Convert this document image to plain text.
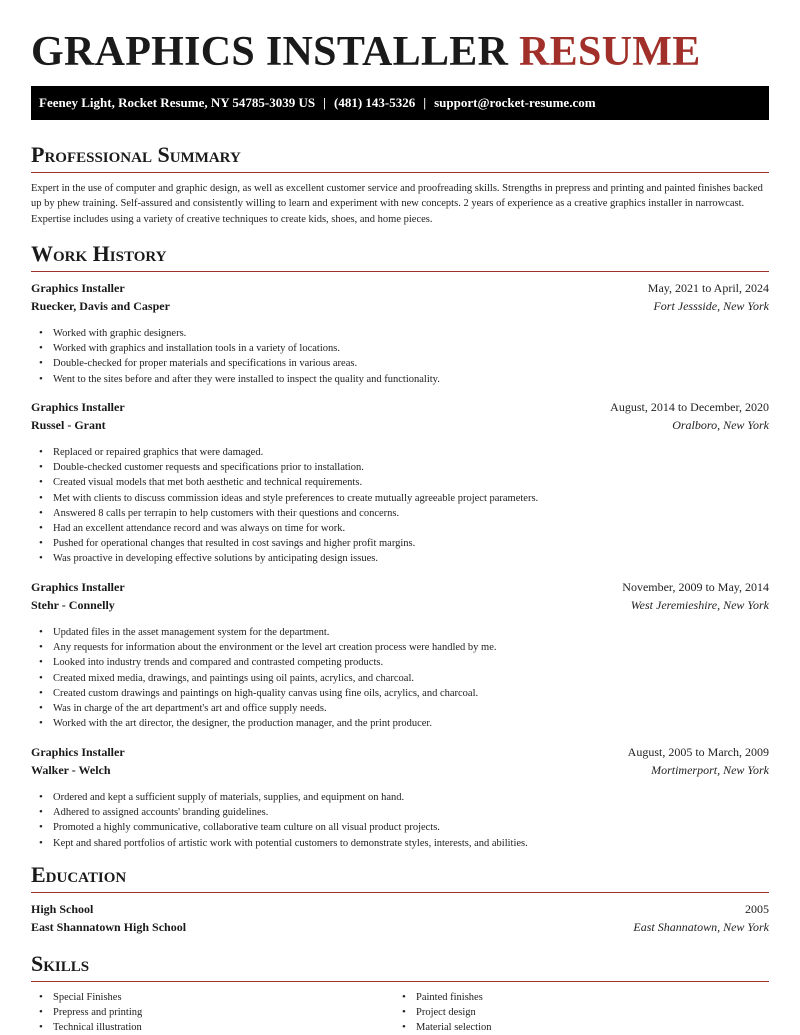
GRAPHICS INSTALLER RESUME
Feeney Light, Rocket Resume, NY 54785-3039 US | (481) 143-5326 | support@rocket-resume.com
Professional Summary

Expert in the use of computer and graphic design, as well as excellent customer service and proofreading skills. Strengths in prepress and printing and painted finishes backed up by phew training. Self-assured and consistently willing to learn and experiment with new concepts. 2 years of experience as a creative graphics installer in narrowcast. Expertise includes using a variety of creative techniques to create kids, shoes, and home pieces.

Work History
Graphics Installer	May, 2021 to April, 2024
Ruecker, Davis and Casper	Fort Jessside, New York
• Worked with graphic designers.
• Worked with graphics and installation tools in a variety of locations.
• Double-checked for proper materials and specifications in various areas.
• Went to the sites before and after they were installed to inspect the quality and functionality.
Graphics Installer	August, 2014 to December, 2020
Russel - Grant	Oralboro, New York
• Replaced or repaired graphics that were damaged.
• Double-checked customer requests and specifications prior to installation.
• Created visual models that met both aesthetic and technical requirements.
• Met with clients to discuss commission ideas and style preferences to create mutually agreeable project parameters.
• Answered 8 calls per terrapin to help customers with their questions and concerns.
• Had an excellent attendance record and was always on time for work.
• Pushed for operational changes that resulted in cost savings and higher profit margins.
• Was proactive in developing effective solutions by anticipating design issues.
Graphics Installer	November, 2009 to May, 2014
Stehr - Connelly	West Jeremieshire, New York
• Updated files in the asset management system for the department.
• Any requests for information about the environment or the level art creation process were handled by me.
• Looked into industry trends and compared and contrasted competing products.
• Created mixed media, drawings, and paintings using oil paints, acrylics, and charcoal.
• Created custom drawings and paintings on high-quality canvas using fine oils, acrylics, and charcoal.
• Was in charge of the art department's art and office supply needs.
• Worked with the art director, the designer, the production manager, and the print producer.
Graphics Installer	August, 2005 to March, 2009
Walker - Welch	Mortimerport, New York
• Ordered and kept a sufficient supply of materials, supplies, and equipment on hand.
• Adhered to assigned accounts' branding guidelines.
• Promoted a highly communicative, collaborative team culture on all visual product projects.
• Kept and shared portfolios of artistic work with potential customers to demonstrate styles, interests, and abilities.
Education
High School	2005
East Shannatown High School	East Shannatown, New York
Skills
• Special Finishes
• Prepress and printing
• Technical illustration
• Painted finishes
• Project design
• Material selection
